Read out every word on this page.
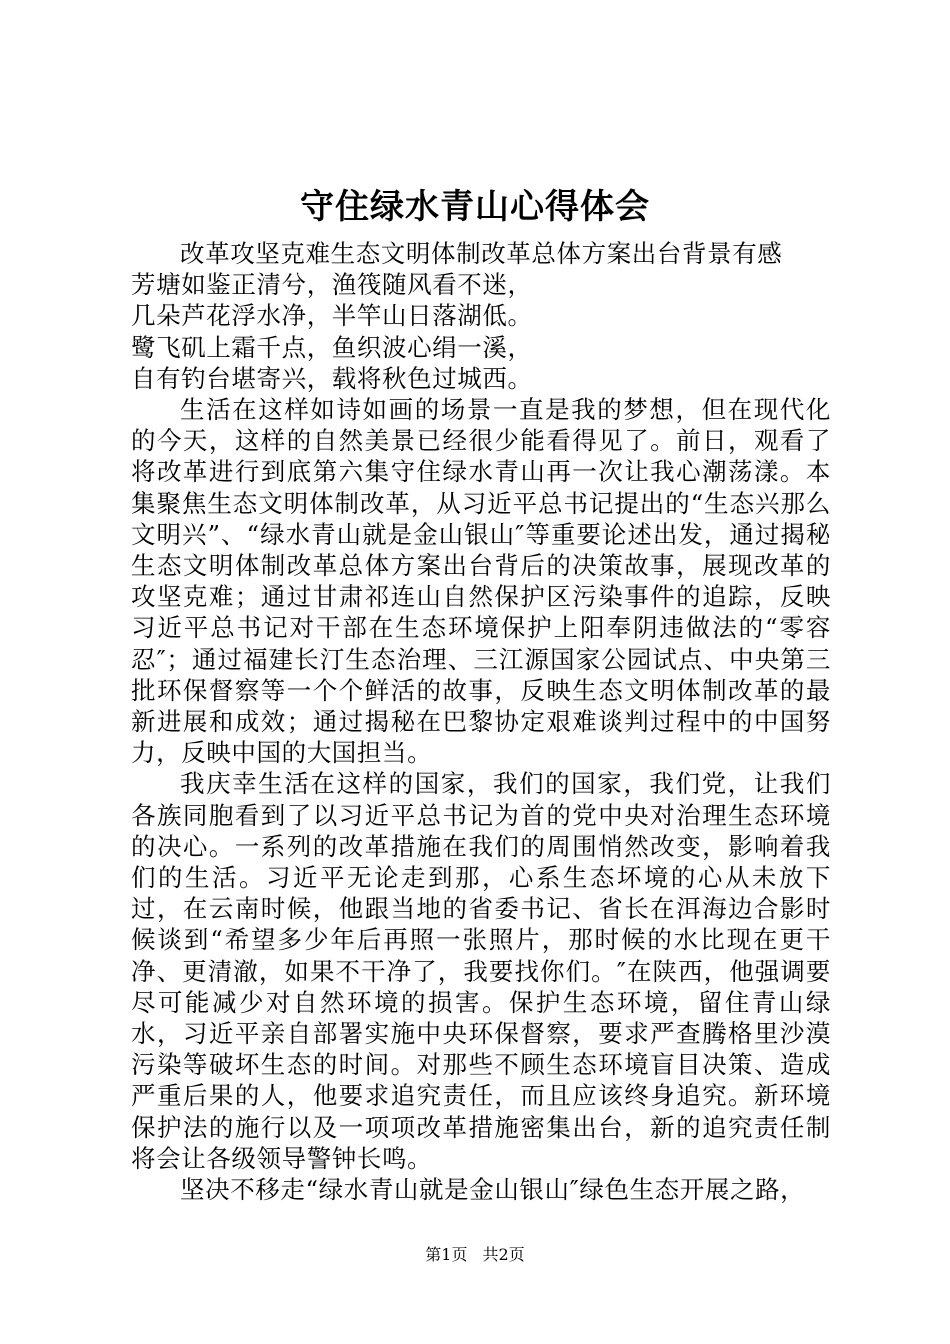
守住绿水青山心得体会

改革攻坚克难生态文明体制改革总体方案出台背景有感

芳塘如鉴正清兮，渔筏随风看不迷，

几朵芦花浮水净，半竿山日落湖低。

鹭飞矶上霜千点，鱼织波心绢一溪，

自有钓台堪寄兴，载将秋色过城西。

生活在这样如诗如画的场景一直是我的梦想，但在现代化的今天，这样的自然美景已经很少能看得见了。前日，观看了将改革进行到底第六集守住绿水青山再一次让我心潮荡漾。本集聚焦生态文明体制改革，从习近平总书记提出的“生态兴那么文明兴”、“绿水青山就是金山银山″等重要论述出发，通过揭秘生态文明体制改革总体方案出台背后的决策故事，展现改革的攻坚克难；通过甘肃祁连山自然保护区污染事件的追踪，反映习近平总书记对干部在生态环境保护上阳奉阴违做法的“零容忍″；通过福建长汀生态治理、三江源国家公园试点、中央第三批环保督察等一个个鲜活的故事，反映生态文明体制改革的最新进展和成效；通过揭秘在巴黎协定艰难谈判过程中的中国努力，反映中国的大国担当。

我庆幸生活在这样的国家，我们的国家，我们党，让我们各族同胞看到了以习近平总书记为首的党中央对治理生态环境的决心。一系列的改革措施在我们的周围悄然改变，影响着我们的生活。习近平无论走到那，心系生态坏境的心从未放下过，在云南时候，他跟当地的省委书记、省长在洱海边合影时候谈到“希望多少年后再照一张照片，那时候的水比现在更干净、更清澈，如果不干净了，我要找你们。″在陕西，他强调要尽可能减少对自然环境的损害。保护生态环境，留住青山绿水，习近平亲自部署实施中央环保督察，要求严查腾格里沙漠污染等破坏生态的时间。对那些不顾生态环境盲目决策、造成严重后果的人，他要求追究责任，而且应该终身追究。新环境保护法的施行以及一项项改革措施密集出台，新的追究责任制将会让各级领导警钟长鸣。

坚决不移走“绿水青山就是金山银山″绿色生态开展之路，

第1页 共2页
